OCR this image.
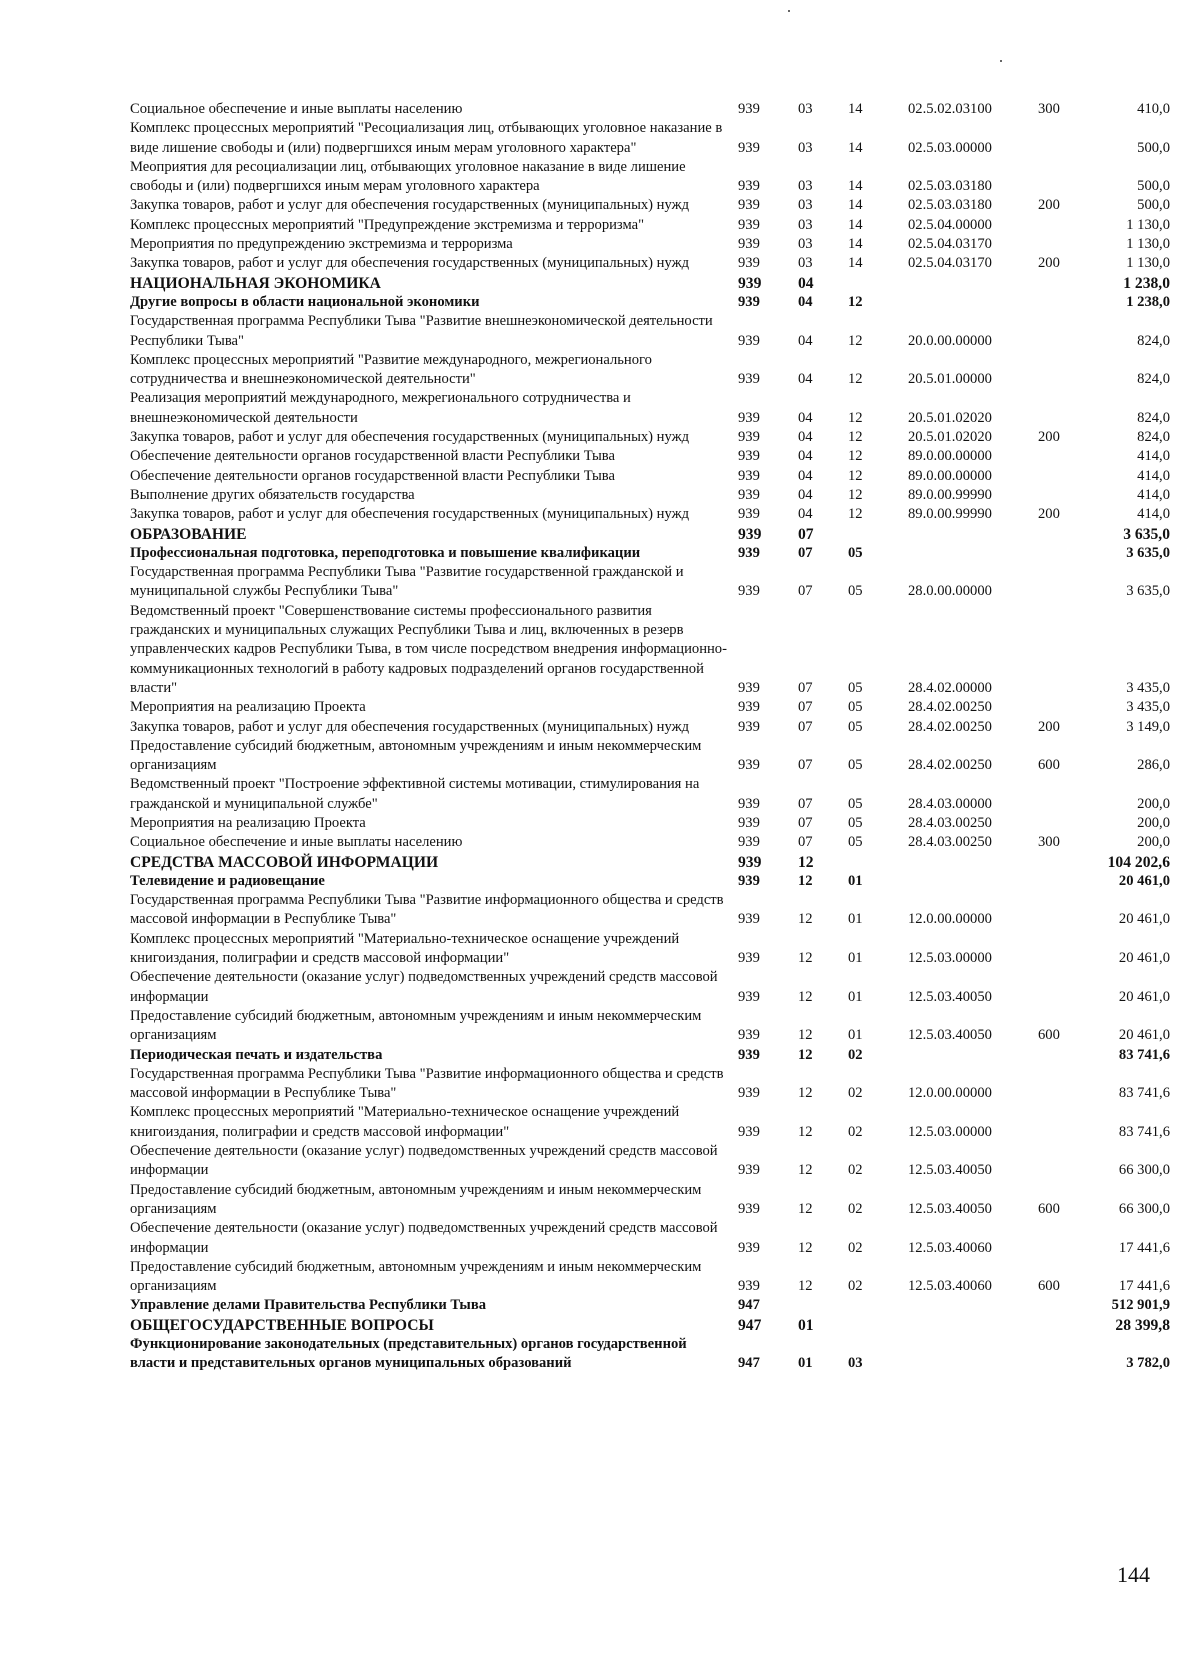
Социальное обеспечение и иные выплаты населению	939	03	14	02.5.02.03100	300	410,0
Комплекс процессных мероприятий "Ресоциализация лиц, отбывающих уголовное наказание в виде лишение свободы и (или) подвергшихся иным мерам уголовного характера"	939	03	14	02.5.03.00000		500,0
Меоприятия для ресоциализации лиц, отбывающих уголовное наказание в виде лишение свободы и (или) подвергшихся иным мерам уголовного характера	939	03	14	02.5.03.03180		500,0
Закупка товаров, работ и услуг для обеспечения государственных (муниципальных) нужд	939	03	14	02.5.03.03180	200	500,0
Комплекс процессных мероприятий "Предупреждение экстремизма и терроризма"	939	03	14	02.5.04.00000		1 130,0
Мероприятия по предупреждению экстремизма и терроризма	939	03	14	02.5.04.03170		1 130,0
Закупка товаров, работ и услуг для обеспечения государственных (муниципальных) нужд	939	03	14	02.5.04.03170	200	1 130,0
НАЦИОНАЛЬНАЯ ЭКОНОМИКА	939	04				1 238,0
Другие вопросы в области национальной экономики	939	04	12			1 238,0
Государственная программа Республики Тыва "Развитие внешнеэкономической деятельности Республики Тыва"	939	04	12	20.0.00.00000		824,0
Комплекс процессных мероприятий "Развитие международного, межрегионального сотрудничества и внешнеэкономической деятельности"	939	04	12	20.5.01.00000		824,0
Реализация мероприятий международного, межрегионального сотрудничества и внешнеэкономической деятельности	939	04	12	20.5.01.02020		824,0
Закупка товаров, работ и услуг для обеспечения государственных (муниципальных) нужд	939	04	12	20.5.01.02020	200	824,0
Обеспечение деятельности органов государственной власти Республики Тыва	939	04	12	89.0.00.00000		414,0
Обеспечение деятельности органов государственной власти Республики Тыва	939	04	12	89.0.00.00000		414,0
Выполнение других обязательств государства	939	04	12	89.0.00.99990		414,0
Закупка товаров, работ и услуг для обеспечения государственных (муниципальных) нужд	939	04	12	89.0.00.99990	200	414,0
ОБРАЗОВАНИЕ	939	07				3 635,0
Профессиональная подготовка, переподготовка и повышение квалификации	939	07	05			3 635,0
Государственная программа Республики Тыва "Развитие государственной гражданской и муниципальной службы Республики Тыва"	939	07	05	28.0.00.00000		3 635,0
Ведомственный проект "Совершенствование системы профессионального развития гражданских и муниципальных служащих Республики Тыва и лиц, включенных в резерв управленческих кадров Республики Тыва, в том числе посредством внедрения информационно-коммуникационных технологий в работу кадровых подразделений органов государственной власти"	939	07	05	28.4.02.00000		3 435,0
Мероприятия на реализацию Проекта	939	07	05	28.4.02.00250		3 435,0
Закупка товаров, работ и услуг для обеспечения государственных (муниципальных) нужд	939	07	05	28.4.02.00250	200	3 149,0
Предоставление субсидий бюджетным, автономным учреждениям и иным некоммерческим организациям	939	07	05	28.4.02.00250	600	286,0
Ведомственный проект "Построение эффективной системы мотивации, стимулирования на гражданской и муниципальной службе"	939	07	05	28.4.03.00000		200,0
Мероприятия на реализацию Проекта	939	07	05	28.4.03.00250		200,0
Социальное обеспечение и иные выплаты населению	939	07	05	28.4.03.00250	300	200,0
СРЕДСТВА МАССОВОЙ ИНФОРМАЦИИ	939	12				104 202,6
Телевидение и радиовещание	939	12	01			20 461,0
Государственная программа Республики Тыва "Развитие информационного общества и средств массовой информации в Республике Тыва"	939	12	01	12.0.00.00000		20 461,0
Комплекс процессных мероприятий "Материально-техническое оснащение учреждений книгоиздания, полиграфии и средств массовой информации"	939	12	01	12.5.03.00000		20 461,0
Обеспечение деятельности (оказание услуг) подведомственных учреждений средств массовой информации	939	12	01	12.5.03.40050		20 461,0
Предоставление субсидий бюджетным, автономным учреждениям и иным некоммерческим организациям	939	12	01	12.5.03.40050	600	20 461,0
Периодическая печать и издательства	939	12	02			83 741,6
Государственная программа Республики Тыва "Развитие информационного общества и средств массовой информации в Республике Тыва"	939	12	02	12.0.00.00000		83 741,6
Комплекс процессных мероприятий "Материально-техническое оснащение учреждений книгоиздания, полиграфии и средств массовой информации"	939	12	02	12.5.03.00000		83 741,6
Обеспечение деятельности (оказание услуг) подведомственных учреждений средств массовой информации	939	12	02	12.5.03.40050		66 300,0
Предоставление субсидий бюджетным, автономным учреждениям и иным некоммерческим организациям	939	12	02	12.5.03.40050	600	66 300,0
Обеспечение деятельности (оказание услуг) подведомственных учреждений средств массовой информации	939	12	02	12.5.03.40060		17 441,6
Предоставление субсидий бюджетным, автономным учреждениям и иным некоммерческим организациям	939	12	02	12.5.03.40060	600	17 441,6
Управление делами Правительства Республики Тыва	947					512 901,9
ОБЩЕГОСУДАРСТВЕННЫЕ ВОПРОСЫ	947	01				28 399,8
Функционирование законодательных (представительных) органов государственной власти и представительных органов муниципальных образований	947	01	03			3 782,0
144
